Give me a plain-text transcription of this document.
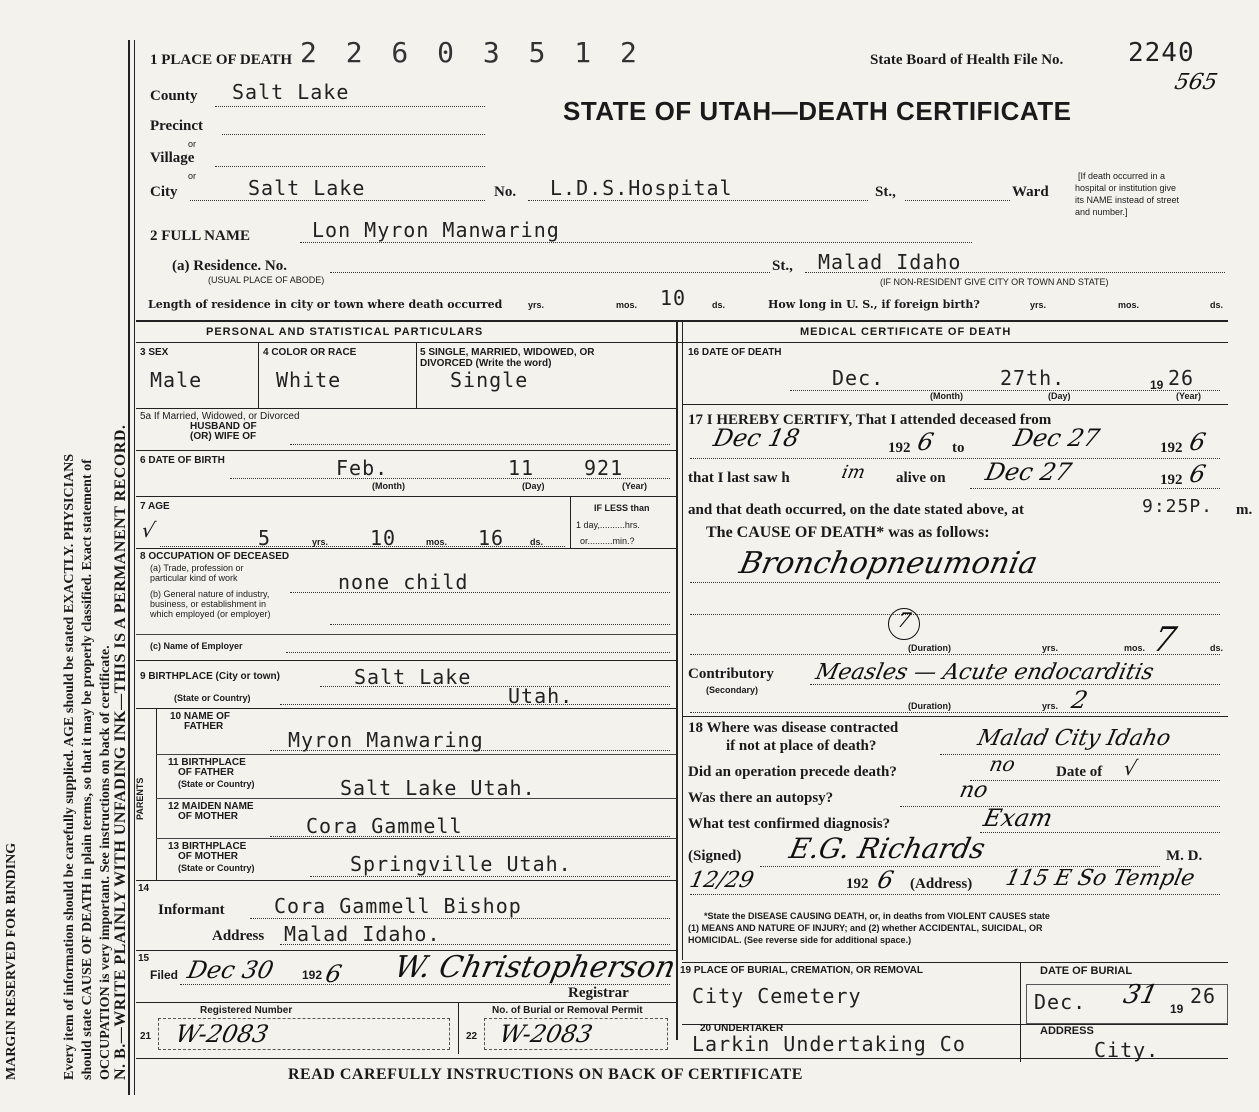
N. B.—WRITE PLAINLY WITH UNFADING INK—THIS IS A PERMANENT RECORD.
MARGIN RESERVED FOR BINDING	Every item of information should be carefully supplied. AGE should be stated EXACTLY. PHYSICIANS should state CAUSE OF DEATH in plain terms, so that it may be properly classified. Exact statement of OCCUPATION is very important. See instructions on back of certificate.
1 PLACE OF DEATH 2 2 6 0 3 5 1 2	State Board of Health File No. 2240
565
STATE OF UTAH—DEATH CERTIFICATE
County Salt Lake
Precinct
or
Village
or
City	Salt Lake	No. L.D.S.Hospital	St.,	Ward
[If death occurred in a
hospital or institution give
its NAME instead of street
and number.]
2 FULL NAME	Lon Myron Manwaring
(a) Residence. No.
(USUAL PLACE OF ABODE)
St., Malad Idaho
(IF NON-RESIDENT GIVE CITY OR TOWN AND STATE)
Length of residence in city or town where death occurred	yrs.	mos. 10	ds.	How long in U. S., if foreign birth?	yrs.	mos.	ds.
PERSONAL AND STATISTICAL PARTICULARS
3 SEX
Male
4 COLOR OR RACE
White
5 SINGLE, MARRIED, WIDOWED, OR
DIVORCED (Write the word)
Single
5a If Married, Widowed, or Divorced
HUSBAND OF
(OR) WIFE OF
6 DATE OF BIRTH	Feb.	11 921
(Month)	(Day)	(Year)
7 AGE
√	5	yrs. 10	mos. 16	ds.
IF LESS than
1 day,..........hrs.
or..........min.?
8 OCCUPATION OF DECEASED
(a) Trade, profession or
particular kind of work	none child
(b) General nature of industry,
business, or establishment in
which employed (or employer)
(c) Name of Employer
9 BIRTHPLACE (City or town)	Salt Lake
(State or Country)	Utah.
PARENTS
10 NAME OF
FATHER
Myron Manwaring
11 BIRTHPLACE
OF FATHER
(State or Country)	Salt Lake Utah.
12 MAIDEN NAME
OF MOTHER	Cora Gammell
13 BIRTHPLACE
OF MOTHER
(State or Country)	Springville Utah.
14
Informant Cora Gammell Bishop
Address Malad Idaho.
15
Filed Dec 30 192 6 W. Christopherson
Registrar
Registered Number
21 W-2083
No. of Burial or Removal Permit
22 W-2083
MEDICAL CERTIFICATE OF DEATH
16 DATE OF DEATH
Dec.	27th.	19 26
(Month)	(Day)	(Year)
17 I HEREBY CERTIFY, That I attended deceased from
Dec 18	192 6 to Dec 27	192 6
that I last saw h	im alive on Dec 27	192 6
and that death occurred, on the date stated above, at	9:25P. m.
The CAUSE OF DEATH* was as follows:
Bronchopneumonia
7
(Duration)	yrs.	mos. 7	ds.
Contributory
(Secondary)
Measles — Acute endocarditis
(Duration)	yrs. 2
18 Where was disease contracted
if not at place of death?	Malad City Idaho
Did an operation precede death?	no	Date of √
Was there an autopsy?	no
What test confirmed diagnosis?	Exam
(Signed) E.G. Richards	M. D.
12/29	192 6 (Address) 115 E So Temple
*State the DISEASE CAUSING DEATH, or, in deaths from VIOLENT CAUSES state
(1) MEANS AND NATURE OF INJURY; and (2) whether ACCIDENTAL, SUICIDAL, OR
HOMICIDAL. (See reverse side for additional space.)
19 PLACE OF BURIAL, CREMATION, OR REMOVAL
City Cemetery
DATE OF BURIAL
Dec. 31 19
26
20 UNDERTAKER
Larkin Undertaking Co
ADDRESS
City.
READ CAREFULLY INSTRUCTIONS ON BACK OF CERTIFICATE
